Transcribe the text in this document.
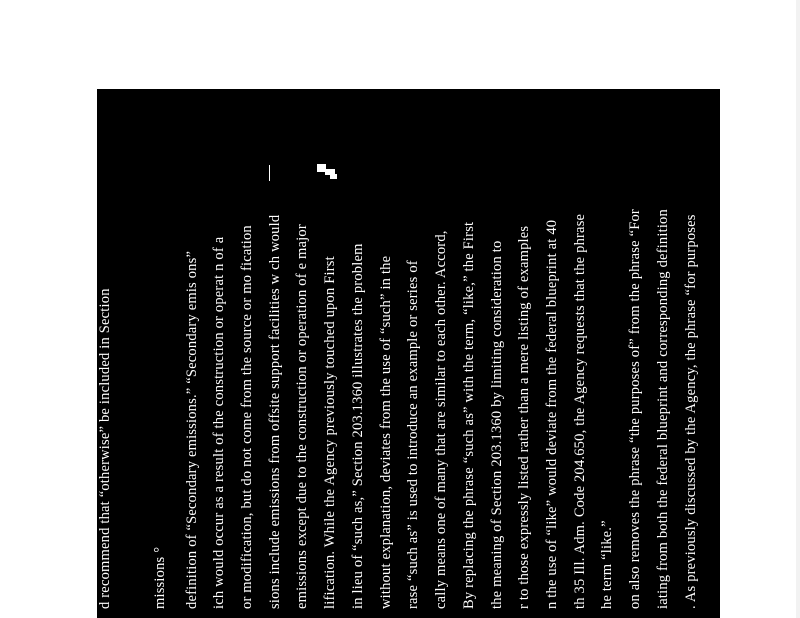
d recommend that “otherwise” be included in Section	missions ° definition of “Secondary emissions.” “Secondary emis ons” ich would occur as a result of the construction or operat n of a or modification, but do not come from the source or mo fication sions include emissions from offsite support facilities w ch would emissions except due to the construction or operation of e major lification. While the Agency previously touched upon First in lieu of “such as,” Section 203.1360 illustrates the problem without explanation, deviates from the use of “such” in the rase “such as” is used to introduce an example or series of cally means one of many that are similar to each other. Accord, By replacing the phrase “such as” with the term, “like,” the First the meaning of Section 203.1360 by limiting consideration to r to those expressly listed rather than a mere listing of examples n the use of “like” would deviate from the federal blueprint at 40 th 35 Ill. Adm. Code 204.650, the Agency requests that the phrase he term “like.” on also removes the phrase “the purposes of” from the phrase “For iating from both the federal blueprint and corresponding definition . As previously discussed by the Agency, the phrase “for purposes
